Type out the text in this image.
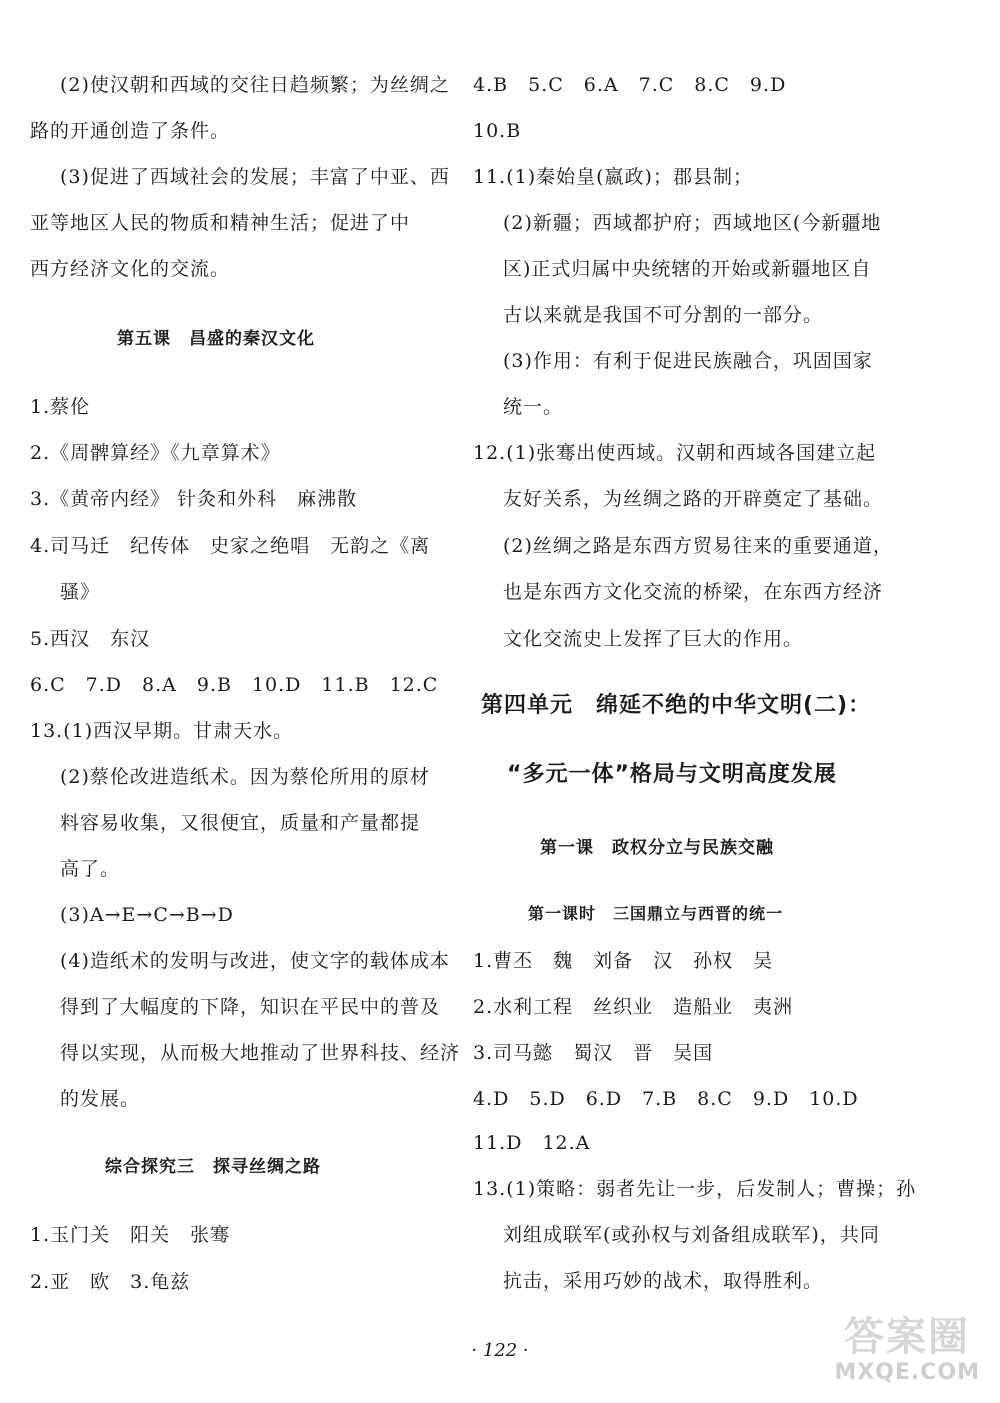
(2)使汉朝和西域的交往日趋频繁；为丝绸之
路的开通创造了条件。
(3)促进了西域社会的发展；丰富了中亚、西
亚等地区人民的物质和精神生活；促进了中
西方经济文化的交流。
第五课　昌盛的秦汉文化
1.蔡伦
2.《周髀算经》《九章算术》
3.《黄帝内经》 针灸和外科　麻沸散
4.司马迁　纪传体　史家之绝唱　无韵之《离
骚》
5.西汉　东汉
6.C　7.D　8.A　9.B　10.D　11.B　12.C
13.(1)西汉早期。甘肃天水。
(2)蔡伦改进造纸术。因为蔡伦所用的原材
料容易收集，又很便宜，质量和产量都提
高了。
(3)A→E→C→B→D
(4)造纸术的发明与改进，使文字的载体成本
得到了大幅度的下降，知识在平民中的普及
得以实现，从而极大地推动了世界科技、经济
的发展。
综合探究三　探寻丝绸之路
1.玉门关　阳关　张骞
2.亚　欧　3.龟兹
4.B　5.C　6.A　7.C　8.C　9.D
10.B
11.(1)秦始皇(嬴政)；郡县制；
(2)新疆；西域都护府；西域地区(今新疆地
区)正式归属中央统辖的开始或新疆地区自
古以来就是我国不可分割的一部分。
(3)作用：有利于促进民族融合，巩固国家
统一。
12.(1)张骞出使西域。汉朝和西域各国建立起
友好关系，为丝绸之路的开辟奠定了基础。
(2)丝绸之路是东西方贸易往来的重要通道，
也是东西方文化交流的桥梁，在东西方经济
文化交流史上发挥了巨大的作用。
第四单元　绵延不绝的中华文明(二)：
“多元一体”格局与文明高度发展
第一课　政权分立与民族交融
第一课时　三国鼎立与西晋的统一
1.曹丕　魏　刘备　汉　孙权　吴
2.水利工程　丝织业　造船业　夷洲
3.司马懿　蜀汉　晋　吴国
4.D　5.D　6.D　7.B　8.C　9.D　10.D
11.D　12.A
13.(1)策略：弱者先让一步，后发制人；曹操；孙
刘组成联军(或孙权与刘备组成联军)，共同
抗击，采用巧妙的战术，取得胜利。
· 122 ·	答案圈
MXQE.COM
